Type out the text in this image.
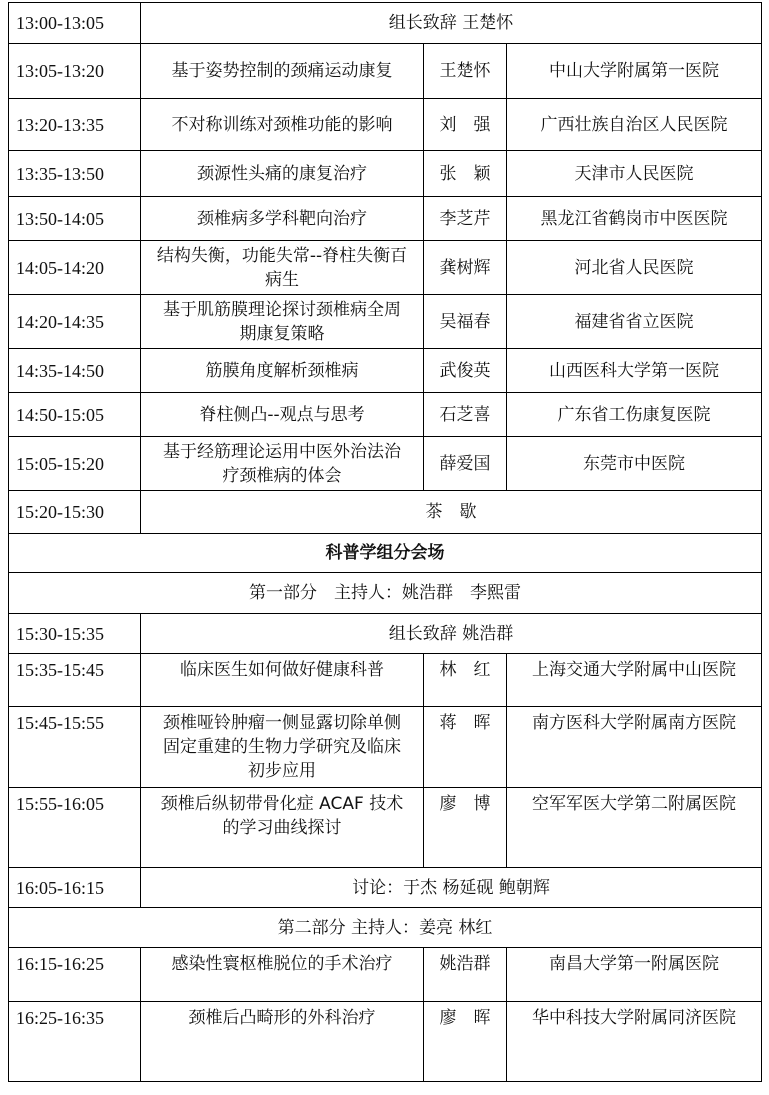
13:00-13:05	组长致辞 王楚怀		
13:05-13:20	基于姿势控制的颈痛运动康复	王楚怀	中山大学附属第一医院
13:20-13:35	不对称训练对颈椎功能的影响	刘　强	广西壮族自治区人民医院
13:35-13:50	颈源性头痛的康复治疗	张　颖	天津市人民医院
13:50-14:05	颈椎病多学科靶向治疗	李芝芹	黑龙江省鹤岗市中医医院
14:05-14:20	结构失衡，功能失常--脊柱失衡百病生	龚树辉	河北省人民医院
14:20-14:35	基于肌筋膜理论探讨颈椎病全周期康复策略	吴福春	福建省省立医院
14:35-14:50	筋膜角度解析颈椎病	武俊英	山西医科大学第一医院
14:50-15:05	脊柱侧凸--观点与思考	石芝喜	广东省工伤康复医院
15:05-15:20	基于经筋理论运用中医外治法治疗颈椎病的体会	薛爱国	东莞市中医院
15:20-15:30	茶　歇		
科普学组分会场			
第一部分　主持人：姚浩群　李熙雷			
15:30-15:35	组长致辞 姚浩群		
15:35-15:45	临床医生如何做好健康科普	林　红	上海交通大学附属中山医院
15:45-15:55	颈椎哑铃肿瘤一侧显露切除单侧固定重建的生物力学研究及临床初步应用	蒋　晖	南方医科大学附属南方医院
15:55-16:05	颈椎后纵韧带骨化症 ACAF 技术的学习曲线探讨	廖　博	空军军医大学第二附属医院
16:05-16:15	讨论：于杰 杨延砚 鲍朝辉		
第二部分 主持人：姜亮 林红			
16:15-16:25	感染性寰枢椎脱位的手术治疗	姚浩群	南昌大学第一附属医院
16:25-16:35	颈椎后凸畸形的外科治疗	廖　晖	华中科技大学附属同济医院
